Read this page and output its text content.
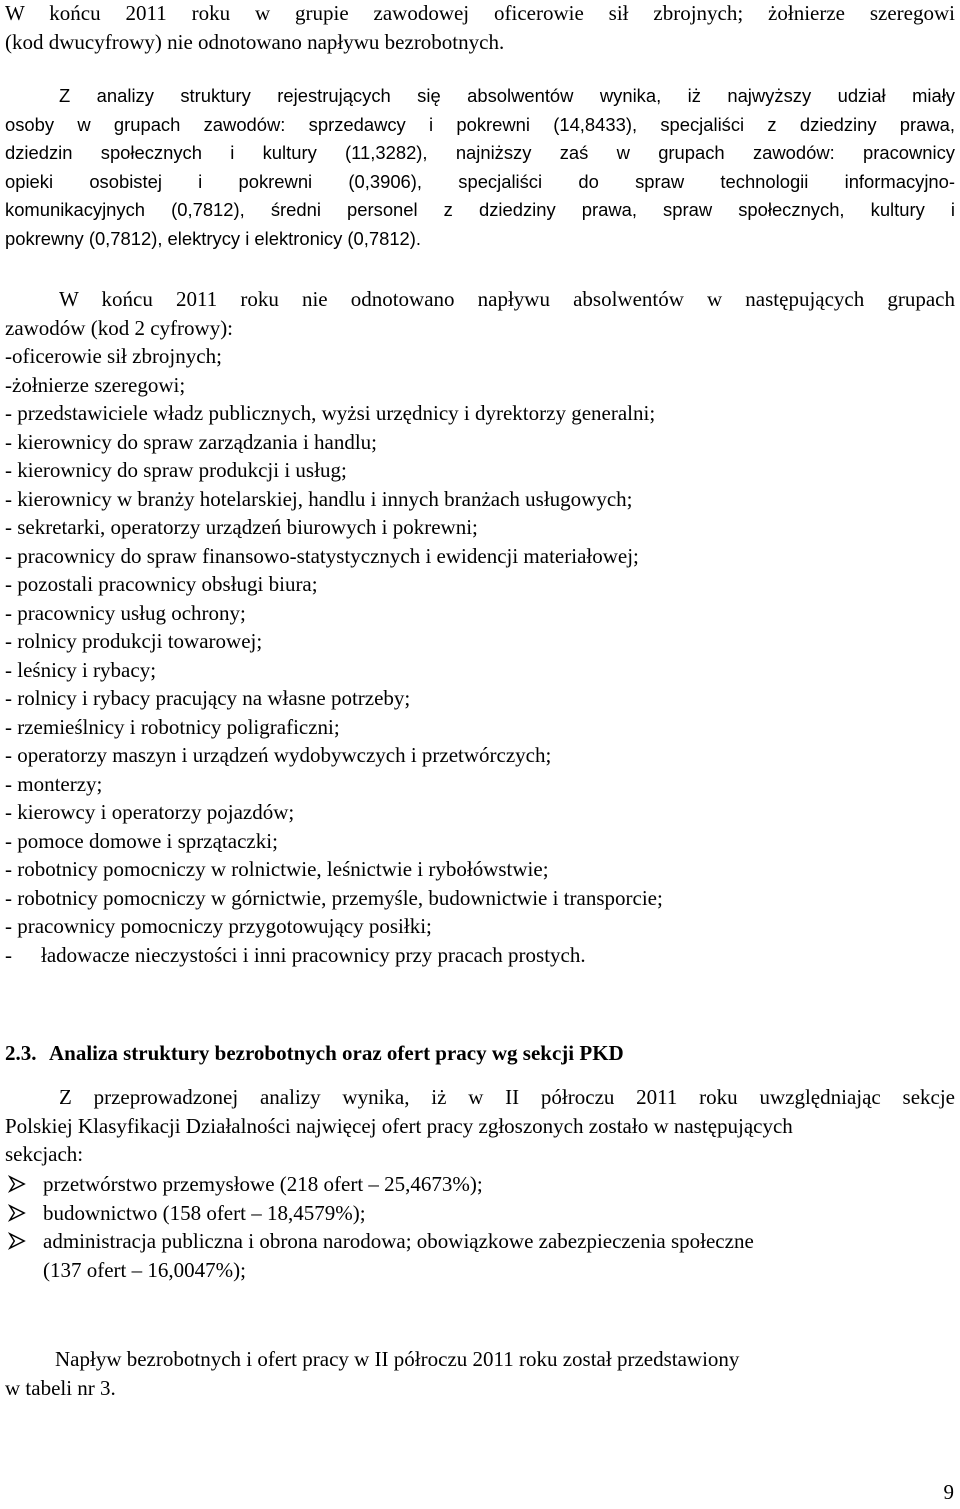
W końcu 2011 roku w grupie zawodowej oficerowie sił zbrojnych; żołnierze szeregowi
(kod dwucyfrowy) nie odnotowano napływu bezrobotnych.
Z analizy struktury rejestrujących się absolwentów wynika, iż najwyższy udział miały
osoby w grupach zawodów: sprzedawcy i pokrewni (14,8433), specjaliści z dziedziny prawa,
dziedzin społecznych i kultury (11,3282), najniższy zaś w grupach zawodów: pracownicy
opieki osobistej i pokrewni (0,3906), specjaliści do spraw technologii informacyjno-
komunikacyjnych (0,7812), średni personel z dziedziny prawa, spraw społecznych, kultury i
pokrewny (0,7812), elektrycy i elektronicy (0,7812).
W końcu 2011 roku nie odnotowano napływu absolwentów w następujących grupach
zawodów (kod 2 cyfrowy):
-oficerowie sił zbrojnych;
-żołnierze szeregowi;
- przedstawiciele władz publicznych, wyżsi urzędnicy i dyrektorzy generalni;
- kierownicy do spraw zarządzania i handlu;
- kierownicy do spraw produkcji i usług;
- kierownicy w branży hotelarskiej, handlu i innych branżach usługowych;
- sekretarki, operatorzy urządzeń biurowych i pokrewni;
- pracownicy do spraw finansowo-statystycznych i ewidencji materiałowej;
- pozostali pracownicy obsługi biura;
- pracownicy usług ochrony;
- rolnicy produkcji towarowej;
- leśnicy i rybacy;
- rolnicy i rybacy pracujący na własne potrzeby;
- rzemieślnicy i robotnicy poligraficzni;
- operatorzy maszyn i urządzeń wydobywczych i przetwórczych;
- monterzy;
- kierowcy i operatorzy pojazdów;
- pomoce domowe i sprzątaczki;
- robotnicy pomocniczy w rolnictwie, leśnictwie i rybołówstwie;
- robotnicy pomocniczy w górnictwie, przemyśle, budownictwie i transporcie;
- pracownicy pomocniczy przygotowujący posiłki;
- ładowacze nieczystości i inni pracownicy przy pracach prostych.
2.3. Analiza struktury bezrobotnych oraz ofert pracy wg sekcji PKD
Z przeprowadzonej analizy wynika, iż w II półroczu 2011 roku uwzględniając sekcje
Polskiej Klasyfikacji Działalności najwięcej ofert pracy zgłoszonych zostało w następujących
sekcjach:
przetwórstwo przemysłowe (218 ofert – 25,4673%);
budownictwo (158 ofert – 18,4579%);
administracja publiczna i obrona narodowa; obowiązkowe zabezpieczenia społeczne
(137 ofert – 16,0047%);
Napływ bezrobotnych i ofert pracy w II półroczu 2011 roku został przedstawiony
w tabeli nr 3.
9
